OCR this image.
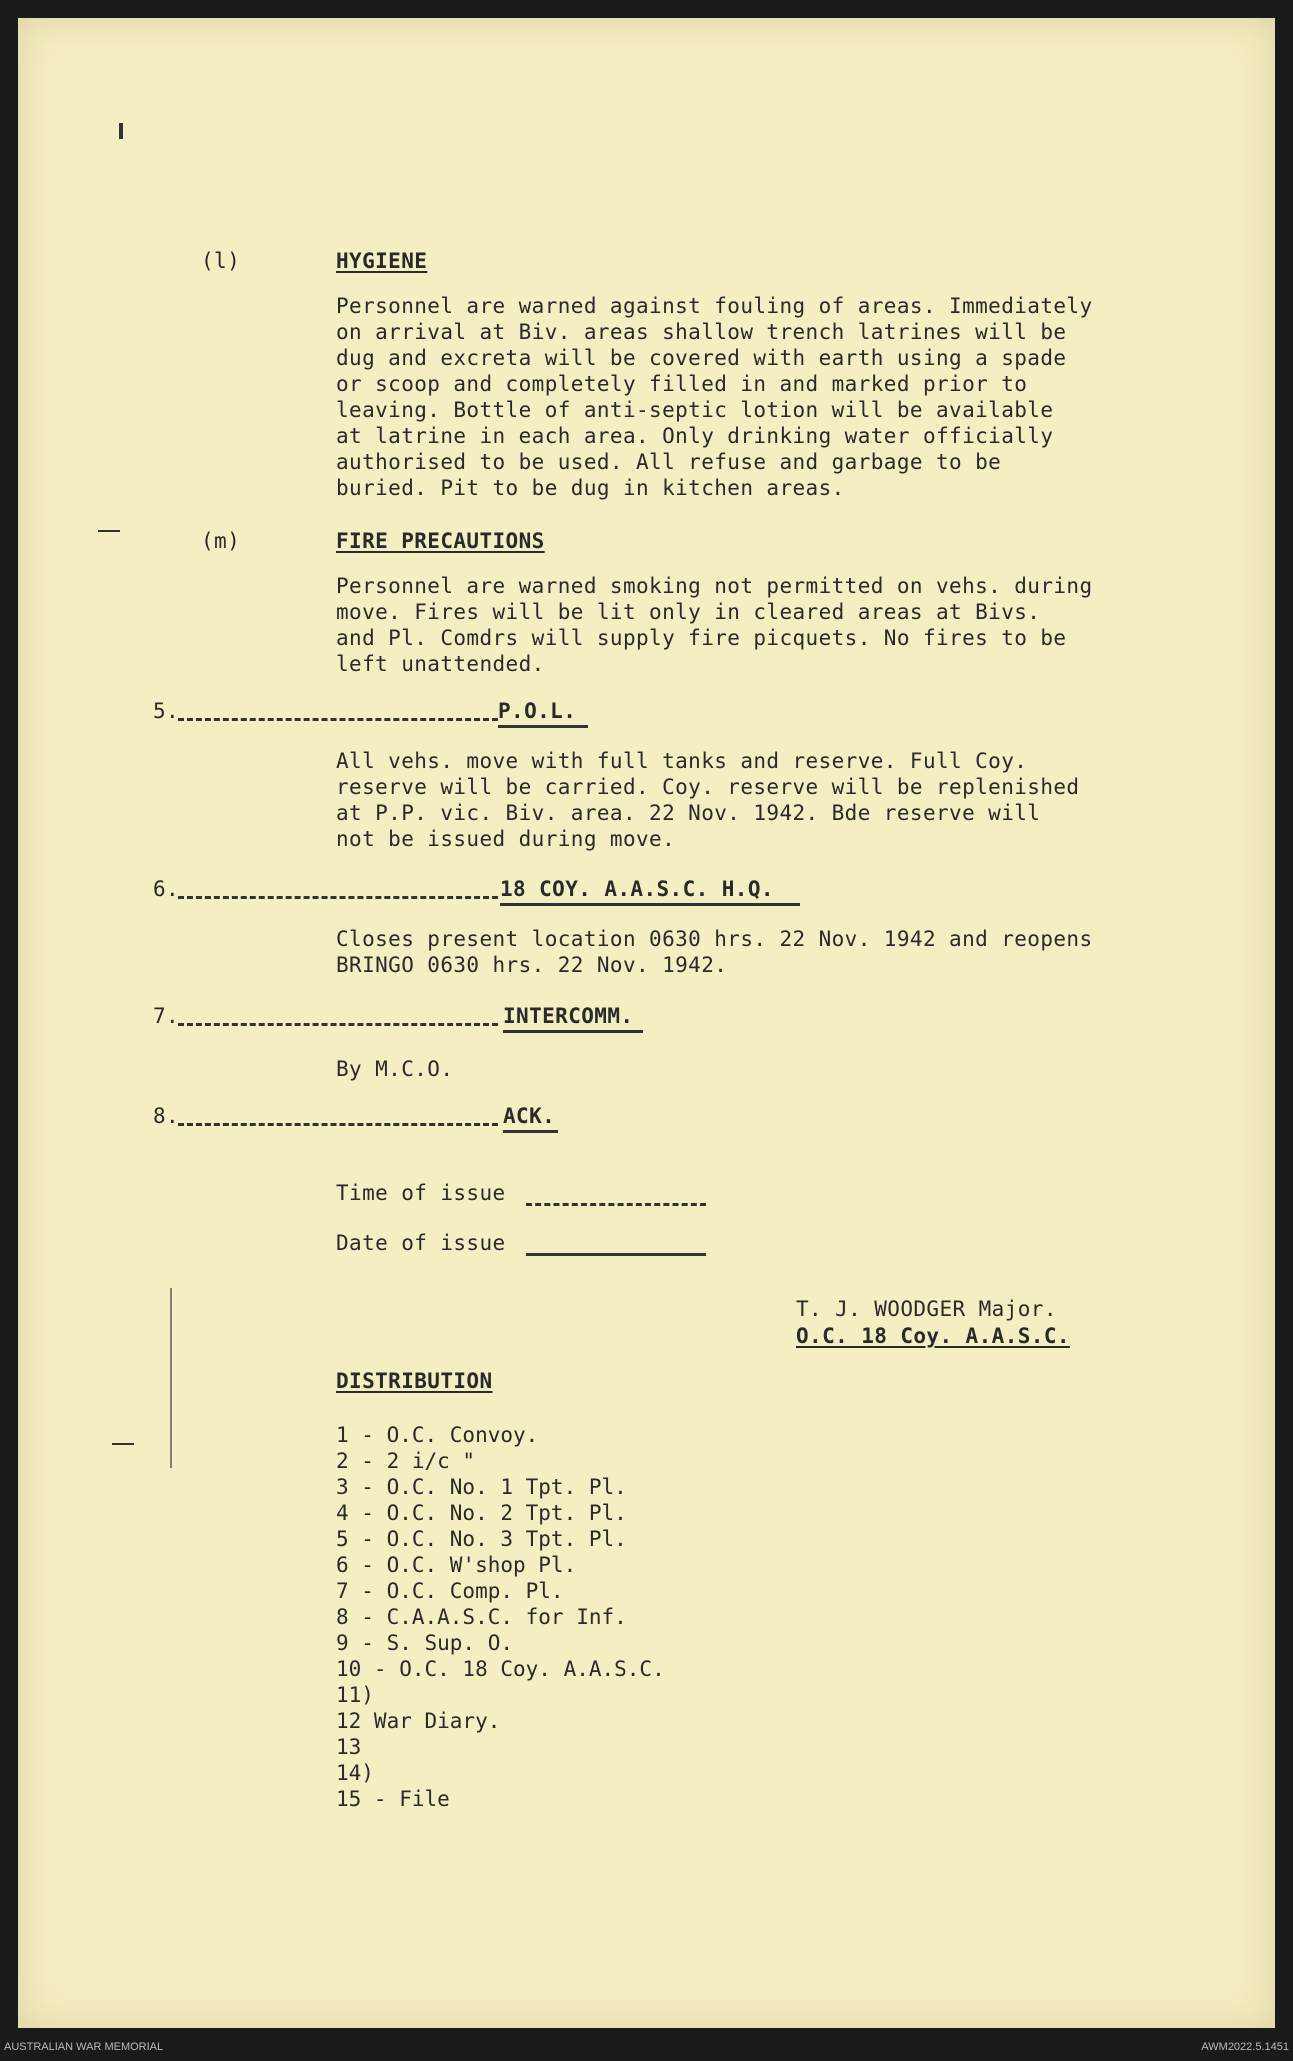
(l)	HYGIENE
Personnel are warned against fouling of areas. Immediately
on arrival at Biv. areas shallow trench latrines will be
dug and excreta will be covered with earth using a spade
or scoop and completely filled in and marked prior to
leaving. Bottle of anti-septic lotion will be available
at latrine in each area. Only drinking water officially
authorised to be used. All refuse and garbage to be
buried. Pit to be dug in kitchen areas.
(m)	FIRE PRECAUTIONS
Personnel are warned smoking not permitted on vehs. during
move. Fires will be lit only in cleared areas at Bivs.
and Pl. Comdrs will supply fire picquets. No fires to be
left unattended.
5.	P.O.L.
All vehs. move with full tanks and reserve. Full Coy.
reserve will be carried. Coy. reserve will be replenished
at P.P. vic. Biv. area. 22 Nov. 1942. Bde reserve will
not be issued during move.
6.	18 COY. A.A.S.C. H.Q.
Closes present location 0630 hrs. 22 Nov. 1942 and reopens
BRINGO 0630 hrs. 22 Nov. 1942.
7.	INTERCOMM.
By M.C.O.
8.	ACK.
Time of issue
Date of issue
T. J. WOODGER Major.
O.C. 18 Coy. A.A.S.C.
DISTRIBUTION
1 - O.C. Convoy.
2 - 2 i/c "
3 - O.C. No. 1 Tpt. Pl.
4 - O.C. No. 2 Tpt. Pl.
5 - O.C. No. 3 Tpt. Pl.
6 - O.C. W'shop Pl.
7 - O.C. Comp. Pl.
8 - C.A.A.S.C. for Inf.
9 - S. Sup. O.
10 - O.C. 18 Coy. A.A.S.C.
11)
12 War Diary.
13
14)
15 - File
AUSTRALIAN WAR MEMORIAL	AWM2022.5.1451
